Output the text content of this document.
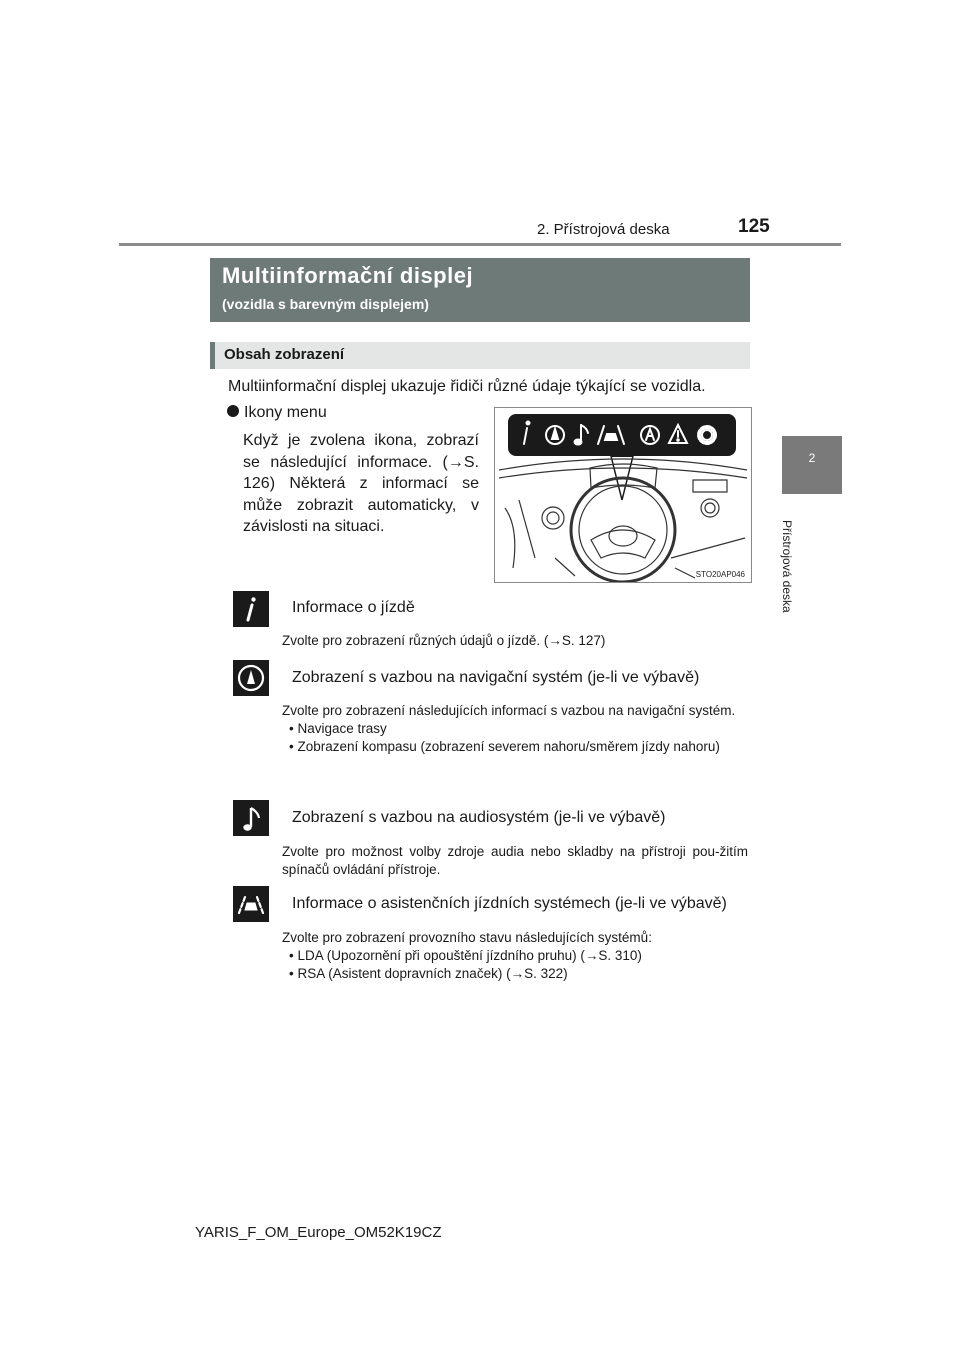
2. Přístrojová deska	125
2
Přístrojová deska
Multiinformační displej
(vozidla s barevným displejem)
Obsah zobrazení
Multiinformační displej ukazuje řidiči různé údaje týkající se vozidla.
Ikony menu
Když je zvolena ikona, zobrazí se následující informace. (→S. 126) Některá z informací se může zobrazit automaticky, v závislosti na situaci.
STO20AP046
Informace o jízdě
Zvolte pro zobrazení různých údajů o jízdě. (→S. 127)
Zobrazení s vazbou na navigační systém (je-li ve výbavě)
Zvolte pro zobrazení následujících informací s vazbou na navigační systém.
• Navigace trasy
• Zobrazení kompasu (zobrazení severem nahoru/směrem jízdy nahoru)
Zobrazení s vazbou na audiosystém (je-li ve výbavě)
Zvolte pro možnost volby zdroje audia nebo skladby na přístroji pou-žitím spínačů ovládání přístroje.
Informace o asistenčních jízdních systémech (je-li ve výbavě)
Zvolte pro zobrazení provozního stavu následujících systémů:
• LDA (Upozornění při opouštění jízdního pruhu) (→S. 310)
• RSA (Asistent dopravních značek) (→S. 322)
YARIS_F_OM_Europe_OM52K19CZ
